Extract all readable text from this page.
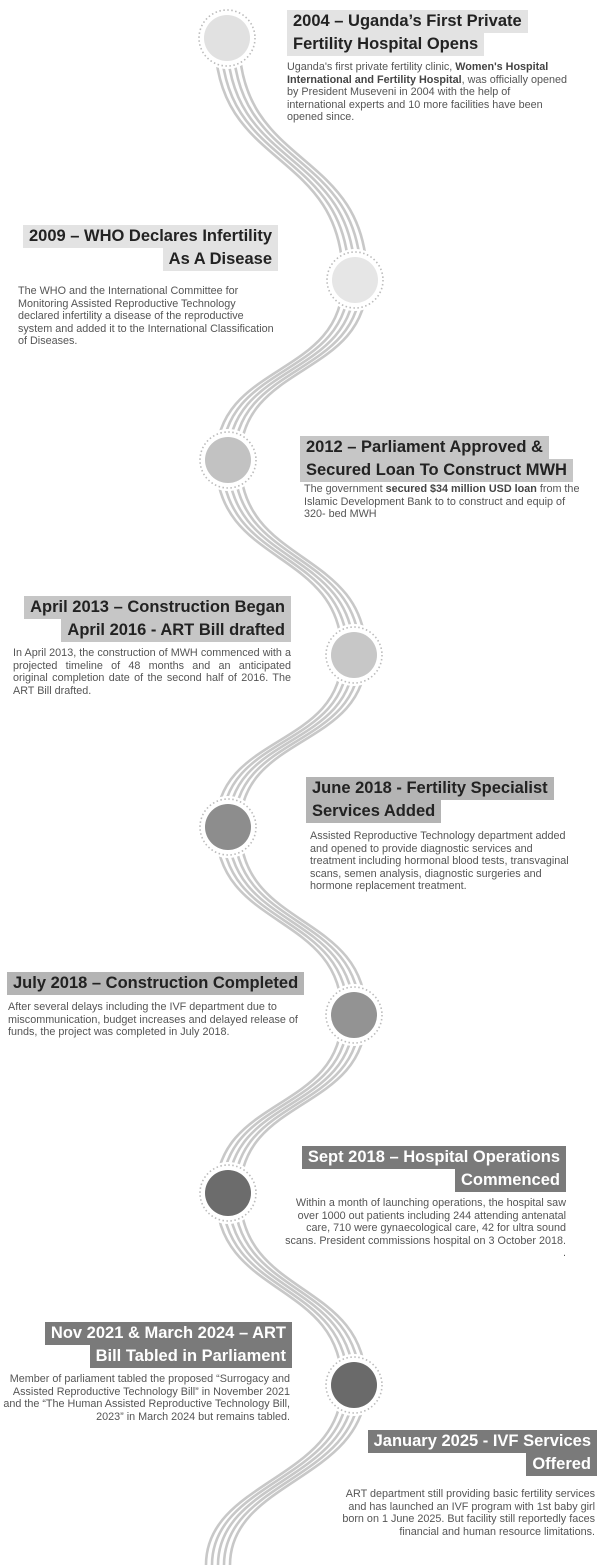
2004 – Uganda’s First Private
Fertility Hospital Opens
Uganda's first private fertility clinic, Women's Hospital International and Fertility Hospital, was officially opened by President Museveni in 2004 with the help of international experts and 10 more facilities have been opened since.
2009 – WHO Declares Infertility
As A Disease
The WHO and the International Committee for Monitoring Assisted Reproductive Technology declared infertility a disease of the reproductive system and added it to the International Classification of Diseases.
2012 – Parliament Approved &
Secured Loan To Construct MWH
The government secured $34 million USD loan from the Islamic Development Bank to to construct and equip of 320- bed MWH
April 2013 – Construction Began
April 2016 - ART Bill drafted
In April 2013, the construction of MWH commenced with a projected timeline of 48 months and an anticipated original completion date of the second half of 2016. The ART Bill drafted.
June 2018 - Fertility Specialist
Services Added
Assisted Reproductive Technology department added and opened to provide diagnostic services and treatment including hormonal blood tests, transvaginal scans, semen analysis, diagnostic surgeries and hormone replacement treatment.
July 2018 – Construction Completed
After several delays including the IVF department due to miscommunication, budget increases and delayed release of funds, the project was completed in July 2018.
Sept 2018 – Hospital Operations
Commenced
Within a month of launching operations, the hospital saw over 1000 out patients including 244 attending antenatal care, 710 were gynaecological care, 42 for ultra sound scans. President commissions hospital on 3 October 2018. .
Nov 2021 & March 2024 – ART
Bill Tabled in Parliament
Member of parliament tabled the proposed “Surrogacy and Assisted Reproductive Technology Bill” in November 2021 and the “The Human Assisted Reproductive Technology Bill, 2023” in March 2024 but remains tabled.
January 2025 - IVF Services
Offered
ART department still providing basic fertility services and has launched an IVF program with 1st baby girl born on 1 June 2025. But facility still reportedly faces financial and human resource limitations.
